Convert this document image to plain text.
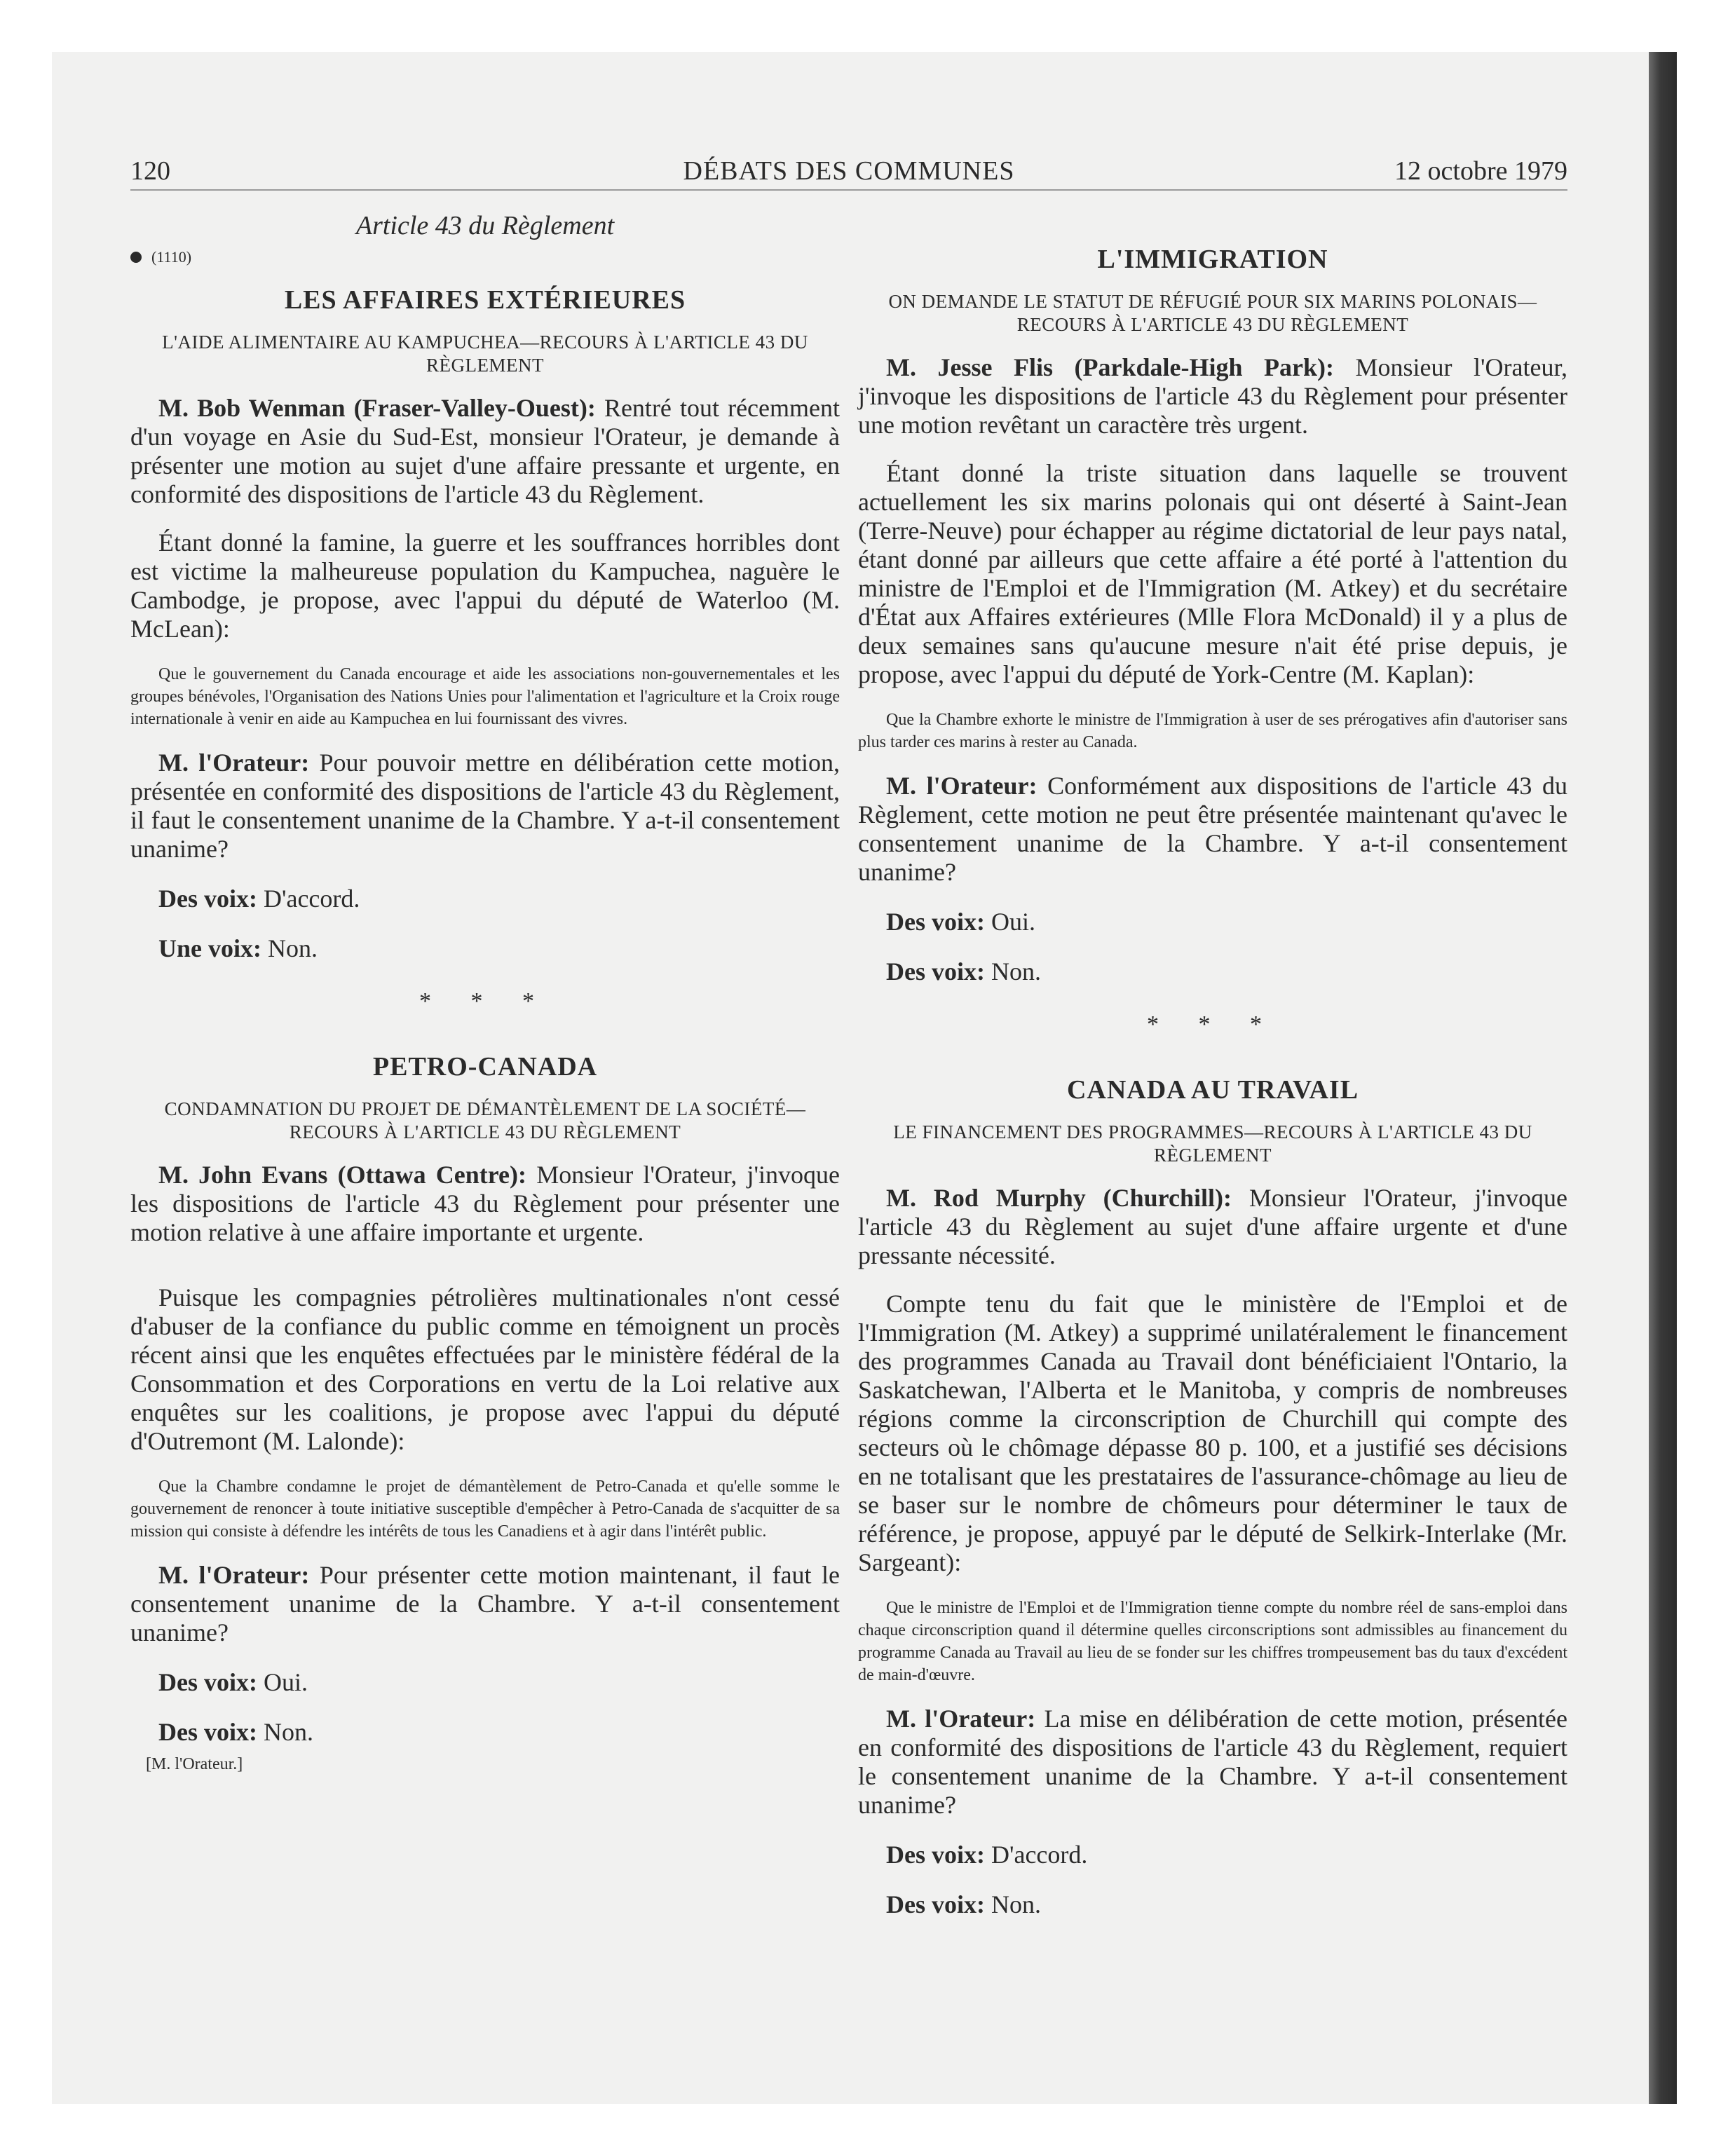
120	DÉBATS DES COMMUNES	12 octobre 1979
Article 43 du Règlement
(1110)
LES AFFAIRES EXTÉRIEURES

L'AIDE ALIMENTAIRE AU KAMPUCHEA—RECOURS À L'ARTICLE 43 DU RÈGLEMENT

M. Bob Wenman (Fraser-Valley-Ouest): Rentré tout récemment d'un voyage en Asie du Sud-Est, monsieur l'Orateur, je demande à présenter une motion au sujet d'une affaire pressante et urgente, en conformité des dispositions de l'article 43 du Règlement.

Étant donné la famine, la guerre et les souffrances horribles dont est victime la malheureuse population du Kampuchea, naguère le Cambodge, je propose, avec l'appui du député de Waterloo (M. McLean):

Que le gouvernement du Canada encourage et aide les associations non-gouvernementales et les groupes bénévoles, l'Organisation des Nations Unies pour l'alimentation et l'agriculture et la Croix rouge internationale à venir en aide au Kampuchea en lui fournissant des vivres.

M. l'Orateur: Pour pouvoir mettre en délibération cette motion, présentée en conformité des dispositions de l'article 43 du Règlement, il faut le consentement unanime de la Chambre. Y a-t-il consentement unanime?

Des voix: D'accord.

Une voix: Non.

* * *

PETRO-CANADA

CONDAMNATION DU PROJET DE DÉMANTÈLEMENT DE LA SOCIÉTÉ—RECOURS À L'ARTICLE 43 DU RÈGLEMENT

M. John Evans (Ottawa Centre): Monsieur l'Orateur, j'invoque les dispositions de l'article 43 du Règlement pour présenter une motion relative à une affaire importante et urgente.

Puisque les compagnies pétrolières multinationales n'ont cessé d'abuser de la confiance du public comme en témoignent un procès récent ainsi que les enquêtes effectuées par le ministère fédéral de la Consommation et des Corporations en vertu de la Loi relative aux enquêtes sur les coalitions, je propose avec l'appui du député d'Outremont (M. Lalonde):

Que la Chambre condamne le projet de démantèlement de Petro-Canada et qu'elle somme le gouvernement de renoncer à toute initiative susceptible d'empêcher à Petro-Canada de s'acquitter de sa mission qui consiste à défendre les intérêts de tous les Canadiens et à agir dans l'intérêt public.

M. l'Orateur: Pour présenter cette motion maintenant, il faut le consentement unanime de la Chambre. Y a-t-il consentement unanime?

Des voix: Oui.

Des voix: Non.

[M. l'Orateur.]

L'IMMIGRATION

ON DEMANDE LE STATUT DE RÉFUGIÉ POUR SIX MARINS POLONAIS—RECOURS À L'ARTICLE 43 DU RÈGLEMENT

M. Jesse Flis (Parkdale-High Park): Monsieur l'Orateur, j'invoque les dispositions de l'article 43 du Règlement pour présenter une motion revêtant un caractère très urgent.

Étant donné la triste situation dans laquelle se trouvent actuellement les six marins polonais qui ont déserté à Saint-Jean (Terre-Neuve) pour échapper au régime dictatorial de leur pays natal, étant donné par ailleurs que cette affaire a été porté à l'attention du ministre de l'Emploi et de l'Immigration (M. Atkey) et du secrétaire d'État aux Affaires extérieures (Mlle Flora McDonald) il y a plus de deux semaines sans qu'aucune mesure n'ait été prise depuis, je propose, avec l'appui du député de York-Centre (M. Kaplan):

Que la Chambre exhorte le ministre de l'Immigration à user de ses prérogatives afin d'autoriser sans plus tarder ces marins à rester au Canada.

M. l'Orateur: Conformément aux dispositions de l'article 43 du Règlement, cette motion ne peut être présentée maintenant qu'avec le consentement unanime de la Chambre. Y a-t-il consentement unanime?

Des voix: Oui.

Des voix: Non.

* * *

CANADA AU TRAVAIL

LE FINANCEMENT DES PROGRAMMES—RECOURS À L'ARTICLE 43 DU RÈGLEMENT

M. Rod Murphy (Churchill): Monsieur l'Orateur, j'invoque l'article 43 du Règlement au sujet d'une affaire urgente et d'une pressante nécessité.

Compte tenu du fait que le ministère de l'Emploi et de l'Immigration (M. Atkey) a supprimé unilatéralement le financement des programmes Canada au Travail dont bénéficiaient l'Ontario, la Saskatchewan, l'Alberta et le Manitoba, y compris de nombreuses régions comme la circonscription de Churchill qui compte des secteurs où le chômage dépasse 80 p. 100, et a justifié ses décisions en ne totalisant que les prestataires de l'assurance-chômage au lieu de se baser sur le nombre de chômeurs pour déterminer le taux de référence, je propose, appuyé par le député de Selkirk-Interlake (Mr. Sargeant):

Que le ministre de l'Emploi et de l'Immigration tienne compte du nombre réel de sans-emploi dans chaque circonscription quand il détermine quelles circonscriptions sont admissibles au financement du programme Canada au Travail au lieu de se fonder sur les chiffres trompeusement bas du taux d'excédent de main-d'œuvre.

M. l'Orateur: La mise en délibération de cette motion, présentée en conformité des dispositions de l'article 43 du Règlement, requiert le consentement unanime de la Chambre. Y a-t-il consentement unanime?

Des voix: D'accord.

Des voix: Non.
